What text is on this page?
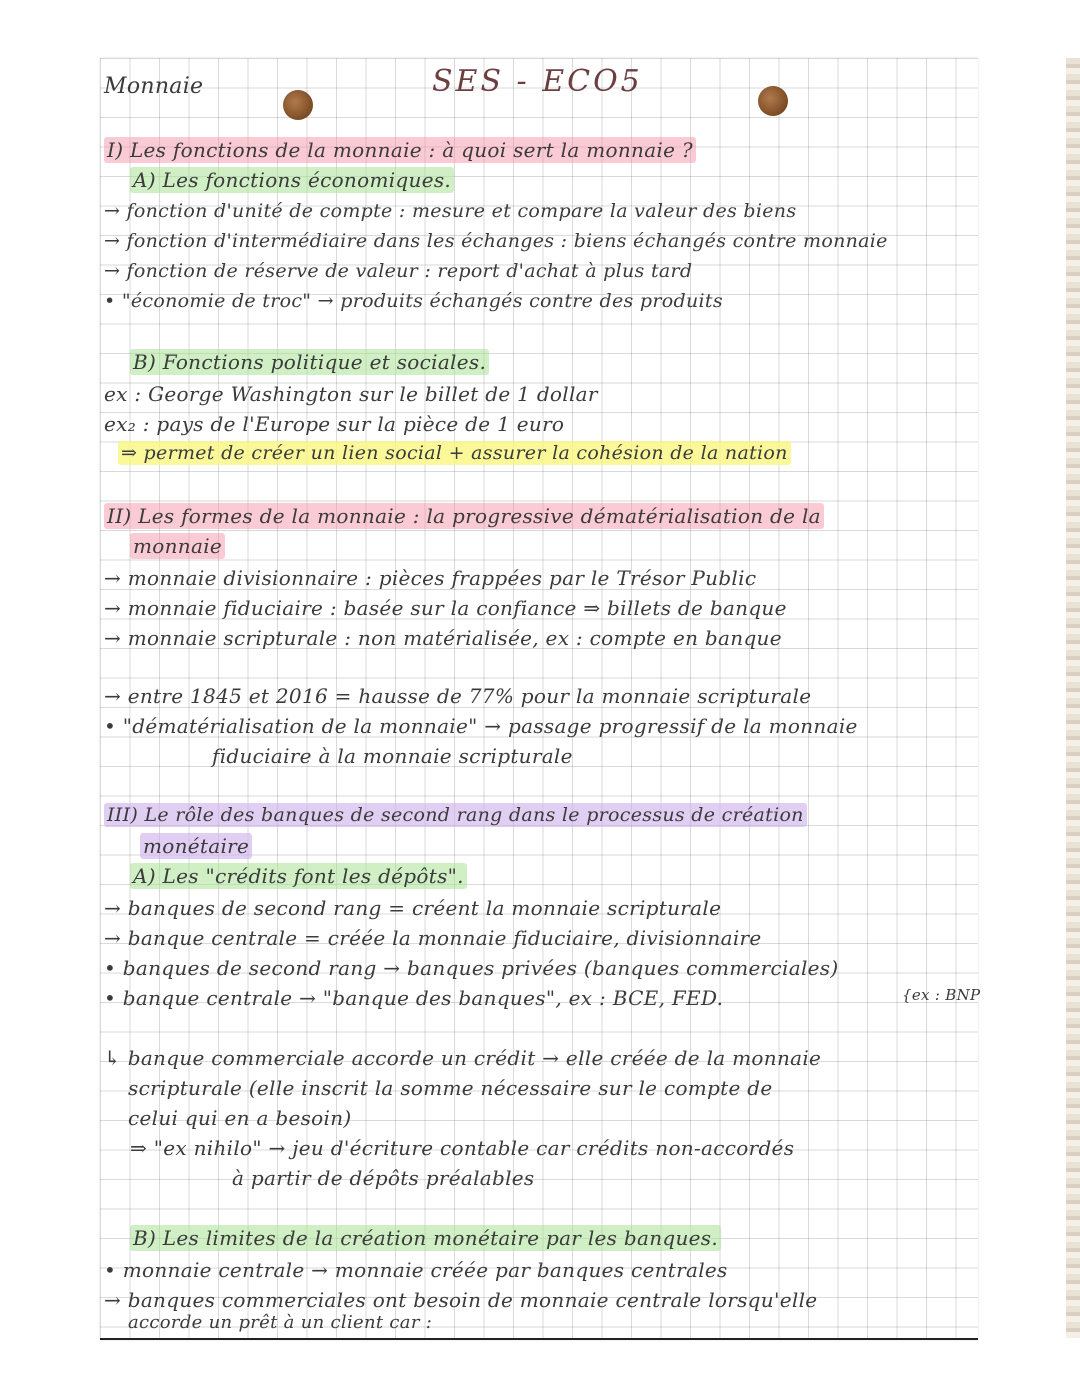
Monnaie	SES - ECO5
I) Les fonctions de la monnaie : à quoi sert la monnaie ?
A) Les fonctions économiques.
→ fonction d'unité de compte : mesure et compare la valeur des biens
→ fonction d'intermédiaire dans les échanges : biens échangés contre monnaie
→ fonction de réserve de valeur : report d'achat à plus tard
• "économie de troc" → produits échangés contre des produits
B) Fonctions politique et sociales.
ex : George Washington sur le billet de 1 dollar
ex₂ : pays de l'Europe sur la pièce de 1 euro
⇒ permet de créer un lien social + assurer la cohésion de la nation
II) Les formes de la monnaie : la progressive dématérialisation de la
monnaie
→ monnaie divisionnaire : pièces frappées par le Trésor Public
→ monnaie fiduciaire : basée sur la confiance ⇒ billets de banque
→ monnaie scripturale : non matérialisée, ex : compte en banque
→ entre 1845 et 2016 = hausse de 77% pour la monnaie scripturale
• "dématérialisation de la monnaie" → passage progressif de la monnaie
fiduciaire à la monnaie scripturale
III) Le rôle des banques de second rang dans le processus de création
monétaire
A) Les "crédits font les dépôts".
→ banques de second rang = créent la monnaie scripturale
→ banque centrale = créée la monnaie fiduciaire, divisionnaire
• banques de second rang → banques privées (banques commerciales)
• banque centrale → "banque des banques", ex : BCE, FED.	{ex : BNP
↳ banque commerciale accorde un crédit → elle créée de la monnaie
scripturale (elle inscrit la somme nécessaire sur le compte de
celui qui en a besoin)
⇒ "ex nihilo" → jeu d'écriture contable car crédits non-accordés
à partir de dépôts préalables
B) Les limites de la création monétaire par les banques.
• monnaie centrale → monnaie créée par banques centrales
→ banques commerciales ont besoin de monnaie centrale lorsqu'elle
accorde un prêt à un client car :
